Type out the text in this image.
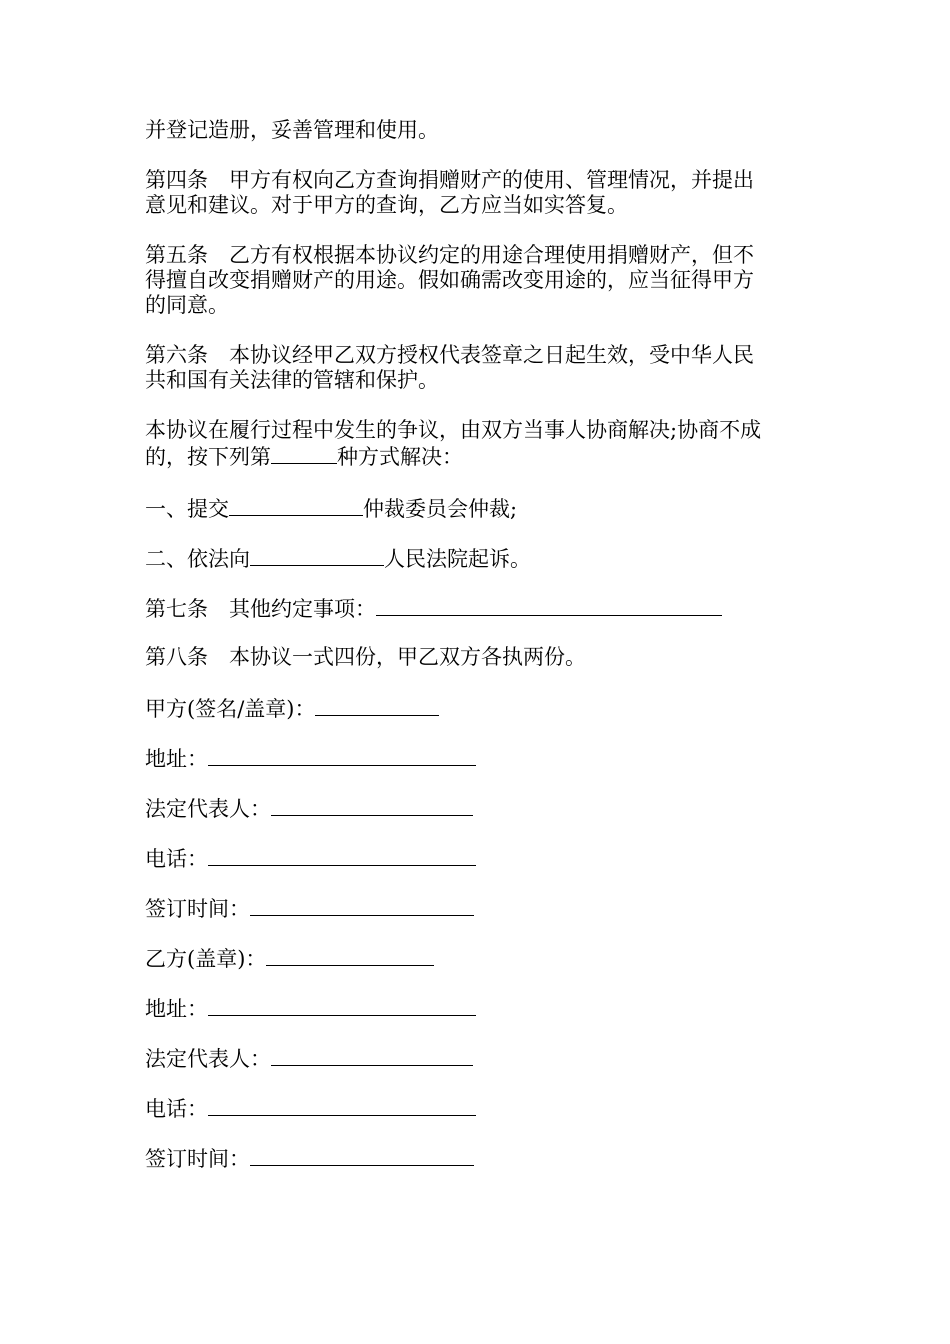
并登记造册，妥善管理和使用。
第四条　甲方有权向乙方查询捐赠财产的使用、管理情况，并提出
意见和建议。对于甲方的查询，乙方应当如实答复。
第五条　乙方有权根据本协议约定的用途合理使用捐赠财产，但不
得擅自改变捐赠财产的用途。假如确需改变用途的，应当征得甲方
的同意。
第六条　本协议经甲乙双方授权代表签章之日起生效，受中华人民
共和国有关法律的管辖和保护。
本协议在履行过程中发生的争议，由双方当事人协商解决;协商不成
的，按下列第	种方式解决：
一、提交	仲裁委员会仲裁;
二、依法向	人民法院起诉。
第七条　其他约定事项：
第八条　本协议一式四份，甲乙双方各执两份。
甲方(签名/盖章)：
地址：
法定代表人：
电话：
签订时间：
乙方(盖章)：
地址：
法定代表人：
电话：
签订时间：
